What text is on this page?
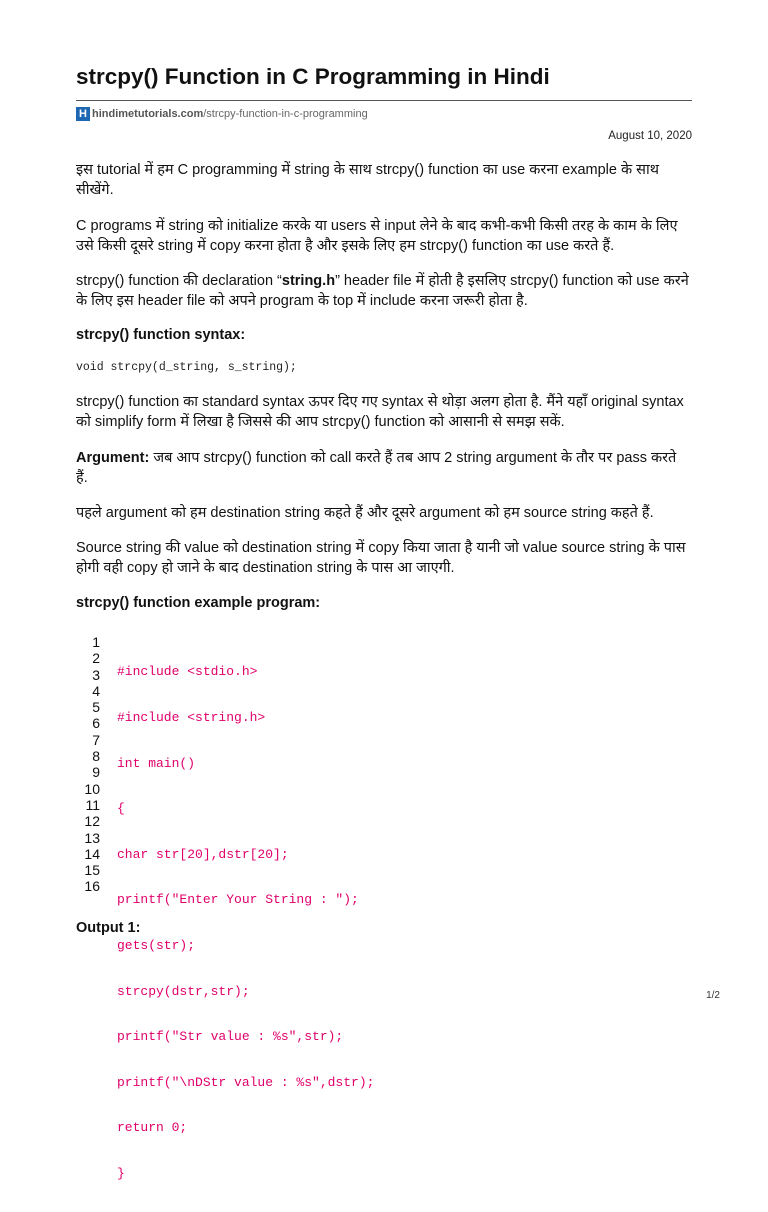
strcpy() Function in C Programming in Hindi
H hindimetutorials.com /strcpy-function-in-c-programming
August 10, 2020

इस tutorial में हम C programming में string के साथ strcpy() function का use करना example के साथ सीखेंगे.

C programs में string को initialize करके या users से input लेने के बाद कभी-कभी किसी तरह के काम के लिए उसे किसी दूसरे string में copy करना होता है और इसके लिए हम strcpy() function का use करते हैं.

strcpy() function की declaration “string.h” header file में होती है इसलिए strcpy() function को use करने के लिए इस header file को अपने program के top में include करना जरूरी होता है.

strcpy() function syntax:
void strcpy(d_string, s_string);

strcpy() function का standard syntax ऊपर दिए गए syntax से थोड़ा अलग होता है. मैंने यहाँ original syntax को simplify form में लिखा है जिससे की आप strcpy() function को आसानी से समझ सकें.

Argument: जब आप strcpy() function को call करते हैं तब आप 2 string argument के तौर पर pass करते हैं.

पहले argument को हम destination string कहते हैं और दूसरे argument को हम source string कहते हैं.

Source string की value को destination string में copy किया जाता है यानी जो value source string के पास होगी वही copy हो जाने के बाद destination string के पास आ जाएगी.

strcpy() function example program:
1
2
3
4
5
6
7
8
9
10
11
12
13
14
15
16

#include <stdio.h>

#include <string.h>

int main()

{

char str[20],dstr[20];

printf("Enter Your String : ");

gets(str);

strcpy(dstr,str);

printf("Str value : %s",str);

printf("\nDStr value : %s",dstr);

return 0;

}

Output 1:
1/2
